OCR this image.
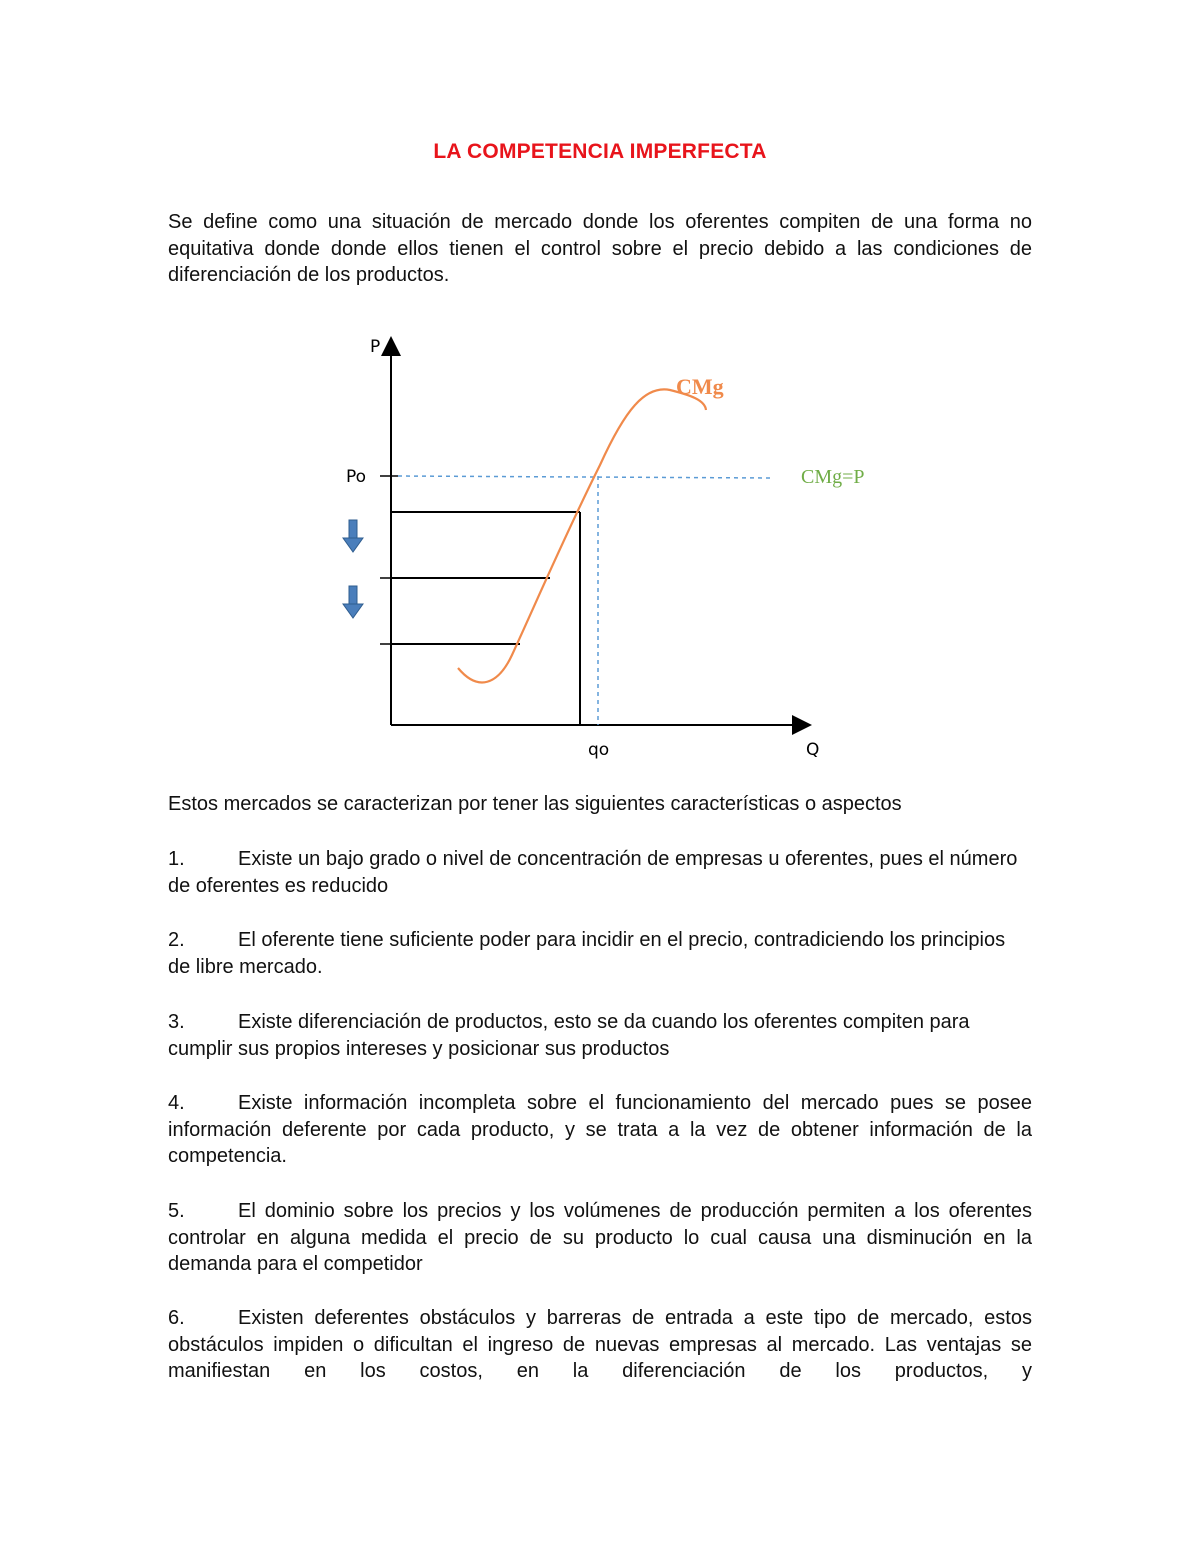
LA COMPETENCIA IMPERFECTA
Se define como una situación de mercado donde los oferentes compiten de una forma no equitativa donde donde ellos tienen el control sobre el precio debido a las condiciones de diferenciación de los productos.
P
Q
Po
qo
CMg
CMg=P
Estos mercados se caracterizan por tener las siguientes características o aspectos
1.	Existe un bajo grado o nivel de concentración de empresas u oferentes, pues el número de oferentes es reducido
2.	El oferente tiene suficiente poder para incidir en el precio, contradiciendo los principios de libre mercado.
3.	Existe diferenciación de productos, esto se da cuando los oferentes compiten para cumplir sus propios intereses y posicionar sus productos
4.	Existe información incompleta sobre el funcionamiento del mercado pues se posee información deferente por cada producto, y se trata a la vez de obtener información de la competencia.
5.	El dominio sobre los precios y los volúmenes de producción permiten a los oferentes controlar en alguna medida el precio de su producto lo cual causa una disminución en la demanda para el competidor
6.	Existen deferentes obstáculos y barreras de entrada a este tipo de mercado, estos obstáculos impiden o dificultan el ingreso de nuevas empresas al mercado. Las ventajas se manifiestan en los costos, en la diferenciación de los productos, y
